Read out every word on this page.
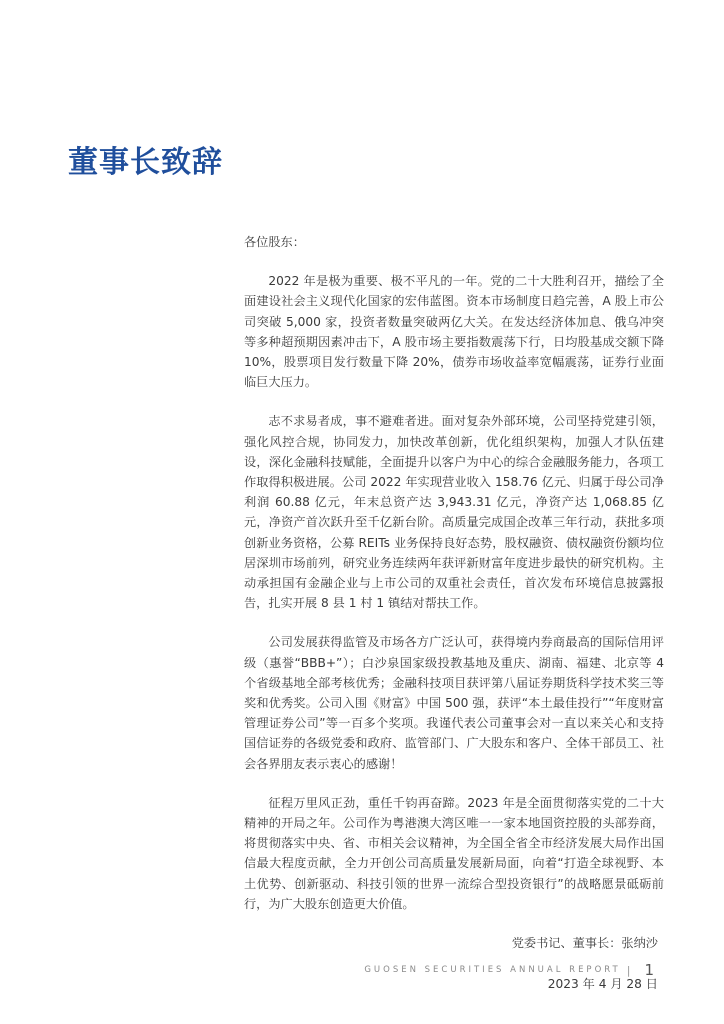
董事长致辞

各位股东：

2022 年是极为重要、极不平凡的一年。党的二十大胜利召开，描绘了全面建设社会主义现代化国家的宏伟蓝图。资本市场制度日趋完善，A 股上市公司突破 5,000 家，投资者数量突破两亿大关。在发达经济体加息、俄乌冲突等多种超预期因素冲击下，A 股市场主要指数震荡下行，日均股基成交额下降 10%，股票项目发行数量下降 20%，债券市场收益率宽幅震荡，证券行业面临巨大压力。

志不求易者成，事不避难者进。面对复杂外部环境，公司坚持党建引领，强化风控合规，协同发力，加快改革创新，优化组织架构，加强人才队伍建设，深化金融科技赋能，全面提升以客户为中心的综合金融服务能力，各项工作取得积极进展。公司 2022 年实现营业收入 158.76 亿元、归属于母公司净利润 60.88 亿元，年末总资产达 3,943.31 亿元，净资产达 1,068.85 亿元，净资产首次跃升至千亿新台阶。高质量完成国企改革三年行动，获批多项创新业务资格，公募 REITs 业务保持良好态势，股权融资、债权融资份额均位居深圳市场前列，研究业务连续两年获评新财富年度进步最快的研究机构。主动承担国有金融企业与上市公司的双重社会责任，首次发布环境信息披露报告，扎实开展 8 县 1 村 1 镇结对帮扶工作。

公司发展获得监管及市场各方广泛认可，获得境内券商最高的国际信用评级（惠誉“BBB+”）；白沙泉国家级投教基地及重庆、湖南、福建、北京等 4 个省级基地全部考核优秀；金融科技项目获评第八届证券期货科学技术奖三等奖和优秀奖。公司入围《财富》中国 500 强，获评“本土最佳投行”“年度财富管理证券公司”等一百多个奖项。我谨代表公司董事会对一直以来关心和支持国信证券的各级党委和政府、监管部门、广大股东和客户、全体干部员工、社会各界朋友表示衷心的感谢！

征程万里风正劲，重任千钧再奋蹄。2023 年是全面贯彻落实党的二十大精神的开局之年。公司作为粤港澳大湾区唯一一家本地国资控股的头部券商，将贯彻落实中央、省、市相关会议精神，为全国全省全市经济发展大局作出国信最大程度贡献，全力开创公司高质量发展新局面，向着“打造全球视野、本土优势、创新驱动、科技引领的世界一流综合型投资银行”的战略愿景砥砺前行，为广大股东创造更大价值。

党委书记、董事长：张纳沙

2023 年 4 月 28 日

GUOSEN SECURITIES ANNUAL REPORT | 1
